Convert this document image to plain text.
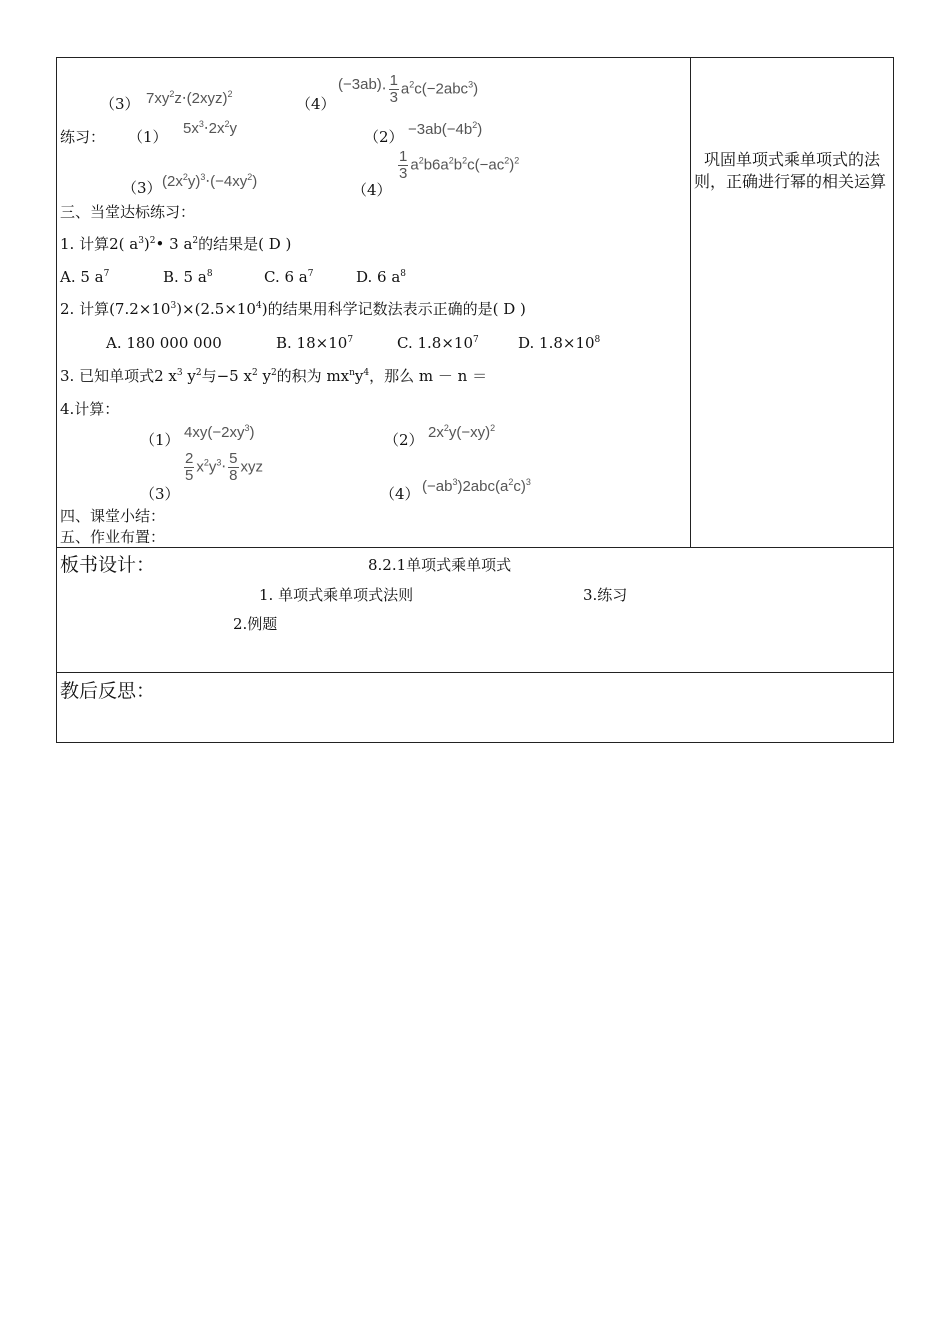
（3） $7xy^2z\cdot(2xyz)^2$
（4）
$(-3ab)\cdot \frac{1}{3} a^2c(-2abc^3)$
练习： （1） $5x^3\cdot 2x^2y$	$(2) -3ab(-4b^2)$
（3） $(2x^2y)^3\cdot(-4xy^2)$	（4）
$\frac{1}{3} a^2b6a^2b^2c(-ac^2)^2$
三、当堂达标练习：
1. 计算2( $a^3)^2•$ 3 $a^2$的结果是( D )
A. 5 $a^7$	B. 5 $a^8$	C. 6 $a^7$	D. 6 $a^8$
2. 计算$(7.2\times 10^3)\times(2.5\times 10^4)$的结果用科学记数法表示正确的是( D )
A. 180 000 000	B. $18\times 10^7$	C. $1.8\times 10^7$	D. $1.8\times 10^8$
3. 已知单项式2 $x^3$ $y^2$与−5 $x^2$ $y^2$的积为 $mx^ny^4$，那么 m － n ＝
4.计算：
（1） $4xy(-2xy^3)$	（2） $2x^2y(-xy)^2$
（3）
$\frac{2}{5} x^2y^3\cdot \frac{5}{8}$ xyz
（4） $(-ab^3)2abc(a^2c)^3$
四、课堂小结：
五、作业布置：
巩固单项式乘单项式的法则，正确进行幂的相关运算
板书设计：	8.2.1单项式乘单项式
1. 单项式乘单项式法则	3.练习
2.例题
教后反思：
